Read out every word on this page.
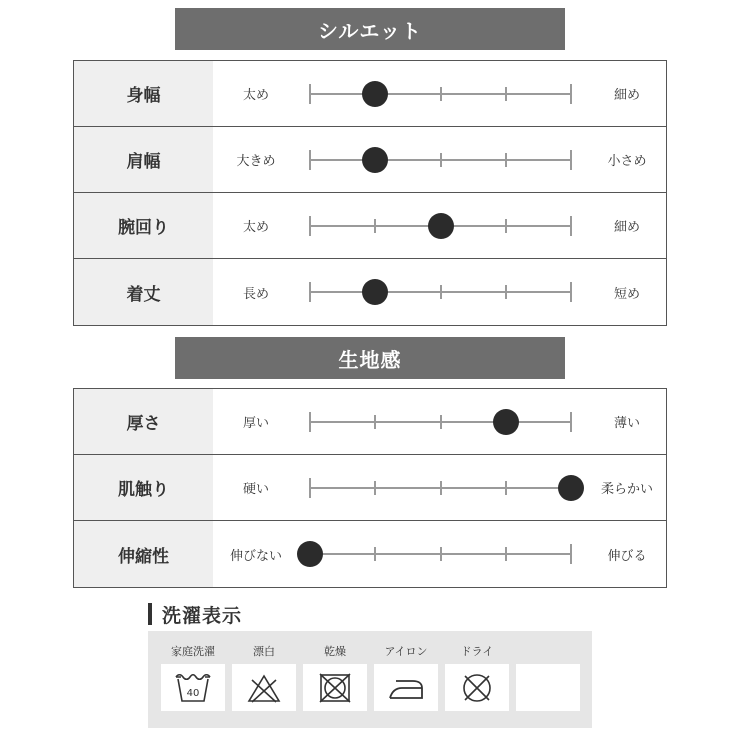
シルエット
身幅	太め	細め
肩幅	大きめ	小さめ
腕回り	太め	細め
着丈	長め	短め
生地感
厚さ	厚い	薄い
肌触り	硬い	柔らかい
伸縮性	伸びない	伸びる
洗濯表示
家庭洗濯
40
漂白	乾燥	アイロン	ドライ
